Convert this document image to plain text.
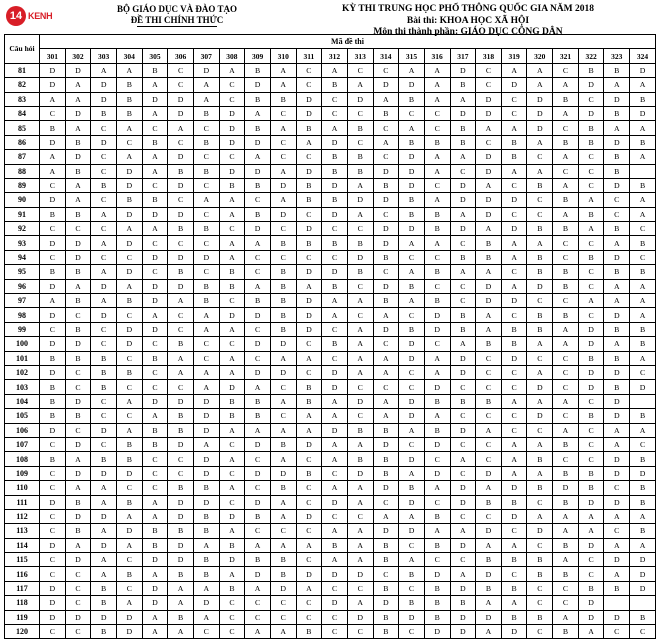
14 KENH
BỘ GIÁO DỤC VÀ ĐÀO TẠO
ĐỀ THI CHÍNH THỨC
KỲ THI TRUNG HỌC PHỔ THÔNG QUỐC GIA NĂM 2018
Bài thi: KHOA HỌC XÃ HỘI
Môn thi thành phần: GIÁO DỤC CÔNG DÂN
Câu hỏi	Mã đề thi																							
	301	302	303	304	305	306	307	308	309	310	311	312	313	314	315	316	317	318	319	320	321	322	323	324
81	D	D	A	A	B	C	D	A	B	A	C	A	C	C	A	A	D	C	A	A	C	B	B	D
82	D	A	D	B	A	C	A	C	D	A	C	B	A	D	D	A	B	C	D	A	A	D	A	A
83	A	A	D	B	D	D	A	C	B	B	D	C	D	A	B	A	A	D	C	D	B	C	D	B
84	C	D	B	B	A	D	B	D	A	C	D	C	C	B	C	C	D	D	C	D	A	D	B	D
85	B	A	C	A	C	A	C	D	B	A	B	A	B	C	A	C	B	A	A	D	C	B	A	A
86	D	B	D	C	B	C	B	D	D	C	A	D	C	A	B	B	B	C	B	A	B	B	D	B
87	A	D	C	A	A	D	C	C	A	C	C	B	B	C	D	A	A	D	B	C	A	C	B	A
88	A	B	C	D	A	B	B	D	D	A	D	B	B	D	D	A	C	D	A	A	C	C	B	
89	C	A	B	D	C	D	C	B	B	D	B	D	A	B	D	C	D	A	C	B	A	C	D	B
90	D	A	C	B	B	C	A	A	C	A	B	B	D	D	B	A	D	D	D	C	B	A	C	A
91	B	B	A	D	D	D	C	A	B	D	C	D	A	C	B	B	A	D	C	C	A	B	C	A
92	C	C	C	A	A	B	B	C	D	C	D	C	C	D	D	B	D	A	D	B	B	A	B	C
93	D	D	A	D	C	C	C	A	A	B	B	B	B	D	A	A	C	B	A	A	C	C	A	B
94	C	D	C	C	D	D	D	A	C	C	C	C	D	B	C	C	B	B	A	B	C	B	D	C
95	B	B	A	D	C	B	C	B	C	B	D	D	B	C	A	B	A	A	C	B	B	C	B	B
96	D	A	D	A	D	D	B	B	A	B	A	B	C	D	B	C	C	D	A	D	B	C	A	A
97	A	B	A	B	D	A	B	C	B	B	D	A	A	B	A	B	C	D	D	C	C	A	A	A
98	D	C	D	C	A	C	A	D	D	B	D	A	C	A	C	D	B	A	C	B	B	C	D	A
99	C	B	C	D	D	C	A	A	C	B	D	C	A	D	B	D	B	A	B	B	A	D	B	B
100	D	D	C	D	C	B	C	C	D	D	C	B	A	C	D	C	A	B	B	A	A	D	A	B
101	B	B	B	C	B	A	C	A	C	A	A	C	A	A	D	A	D	C	D	C	C	B	B	A
102	D	C	B	B	C	A	A	A	D	D	C	D	A	A	C	A	D	C	C	A	C	D	D	C
103	B	C	B	C	C	C	A	D	A	C	B	D	C	C	C	D	C	C	C	D	C	D	B	D
104	B	D	C	A	D	D	D	B	B	A	B	A	D	A	D	B	B	B	A	A	A	C	D	
105	B	B	C	C	A	B	D	B	B	C	A	A	C	A	D	A	C	C	C	D	C	B	D	B
106	D	C	D	A	B	B	D	A	A	A	A	D	B	B	A	B	D	A	C	C	A	C	A	A
107	C	D	C	B	B	D	A	C	D	B	D	A	A	D	C	D	C	C	A	A	B	C	A	C
108	B	A	B	B	C	C	D	A	C	A	C	A	B	B	D	C	A	C	A	B	C	C	D	B
109	C	D	D	D	C	C	D	C	D	D	B	C	D	B	A	D	C	D	A	A	B	B	D	D
110	C	A	A	C	C	B	B	A	C	B	C	A	A	D	B	A	D	A	D	B	D	B	C	B
111	D	B	A	B	A	D	D	C	D	A	C	D	A	C	D	C	D	B	B	C	B	D	D	B
112	C	D	D	A	A	D	B	D	B	A	D	C	C	A	A	B	C	C	D	A	A	A	A	A
113	C	B	A	D	B	B	B	A	C	C	C	A	A	D	D	A	A	D	C	D	A	A	C	B
114	D	A	D	A	B	D	A	B	A	A	A	B	A	B	C	B	D	A	A	C	B	D	A	A
115	C	D	A	C	D	D	B	D	B	B	C	A	A	B	A	C	C	B	B	B	A	C	D	D
116	C	C	A	B	A	B	B	A	D	B	D	D	D	C	B	D	A	D	C	B	B	C	A	D
117	D	C	B	C	D	A	A	B	A	D	A	C	C	B	C	B	D	B	B	C	C	B	B	D
118	D	C	B	A	D	A	D	C	C	C	C	D	A	D	B	B	B	A	A	C	C	D		
119	D	D	D	D	A	B	A	C	C	C	C	C	D	B	D	B	D	D	B	B	A	D	D	B
120	C	C	B	D	A	A	C	C	A	A	B	C	C	B	C	D	D	A	D	C	B	A	C	C
